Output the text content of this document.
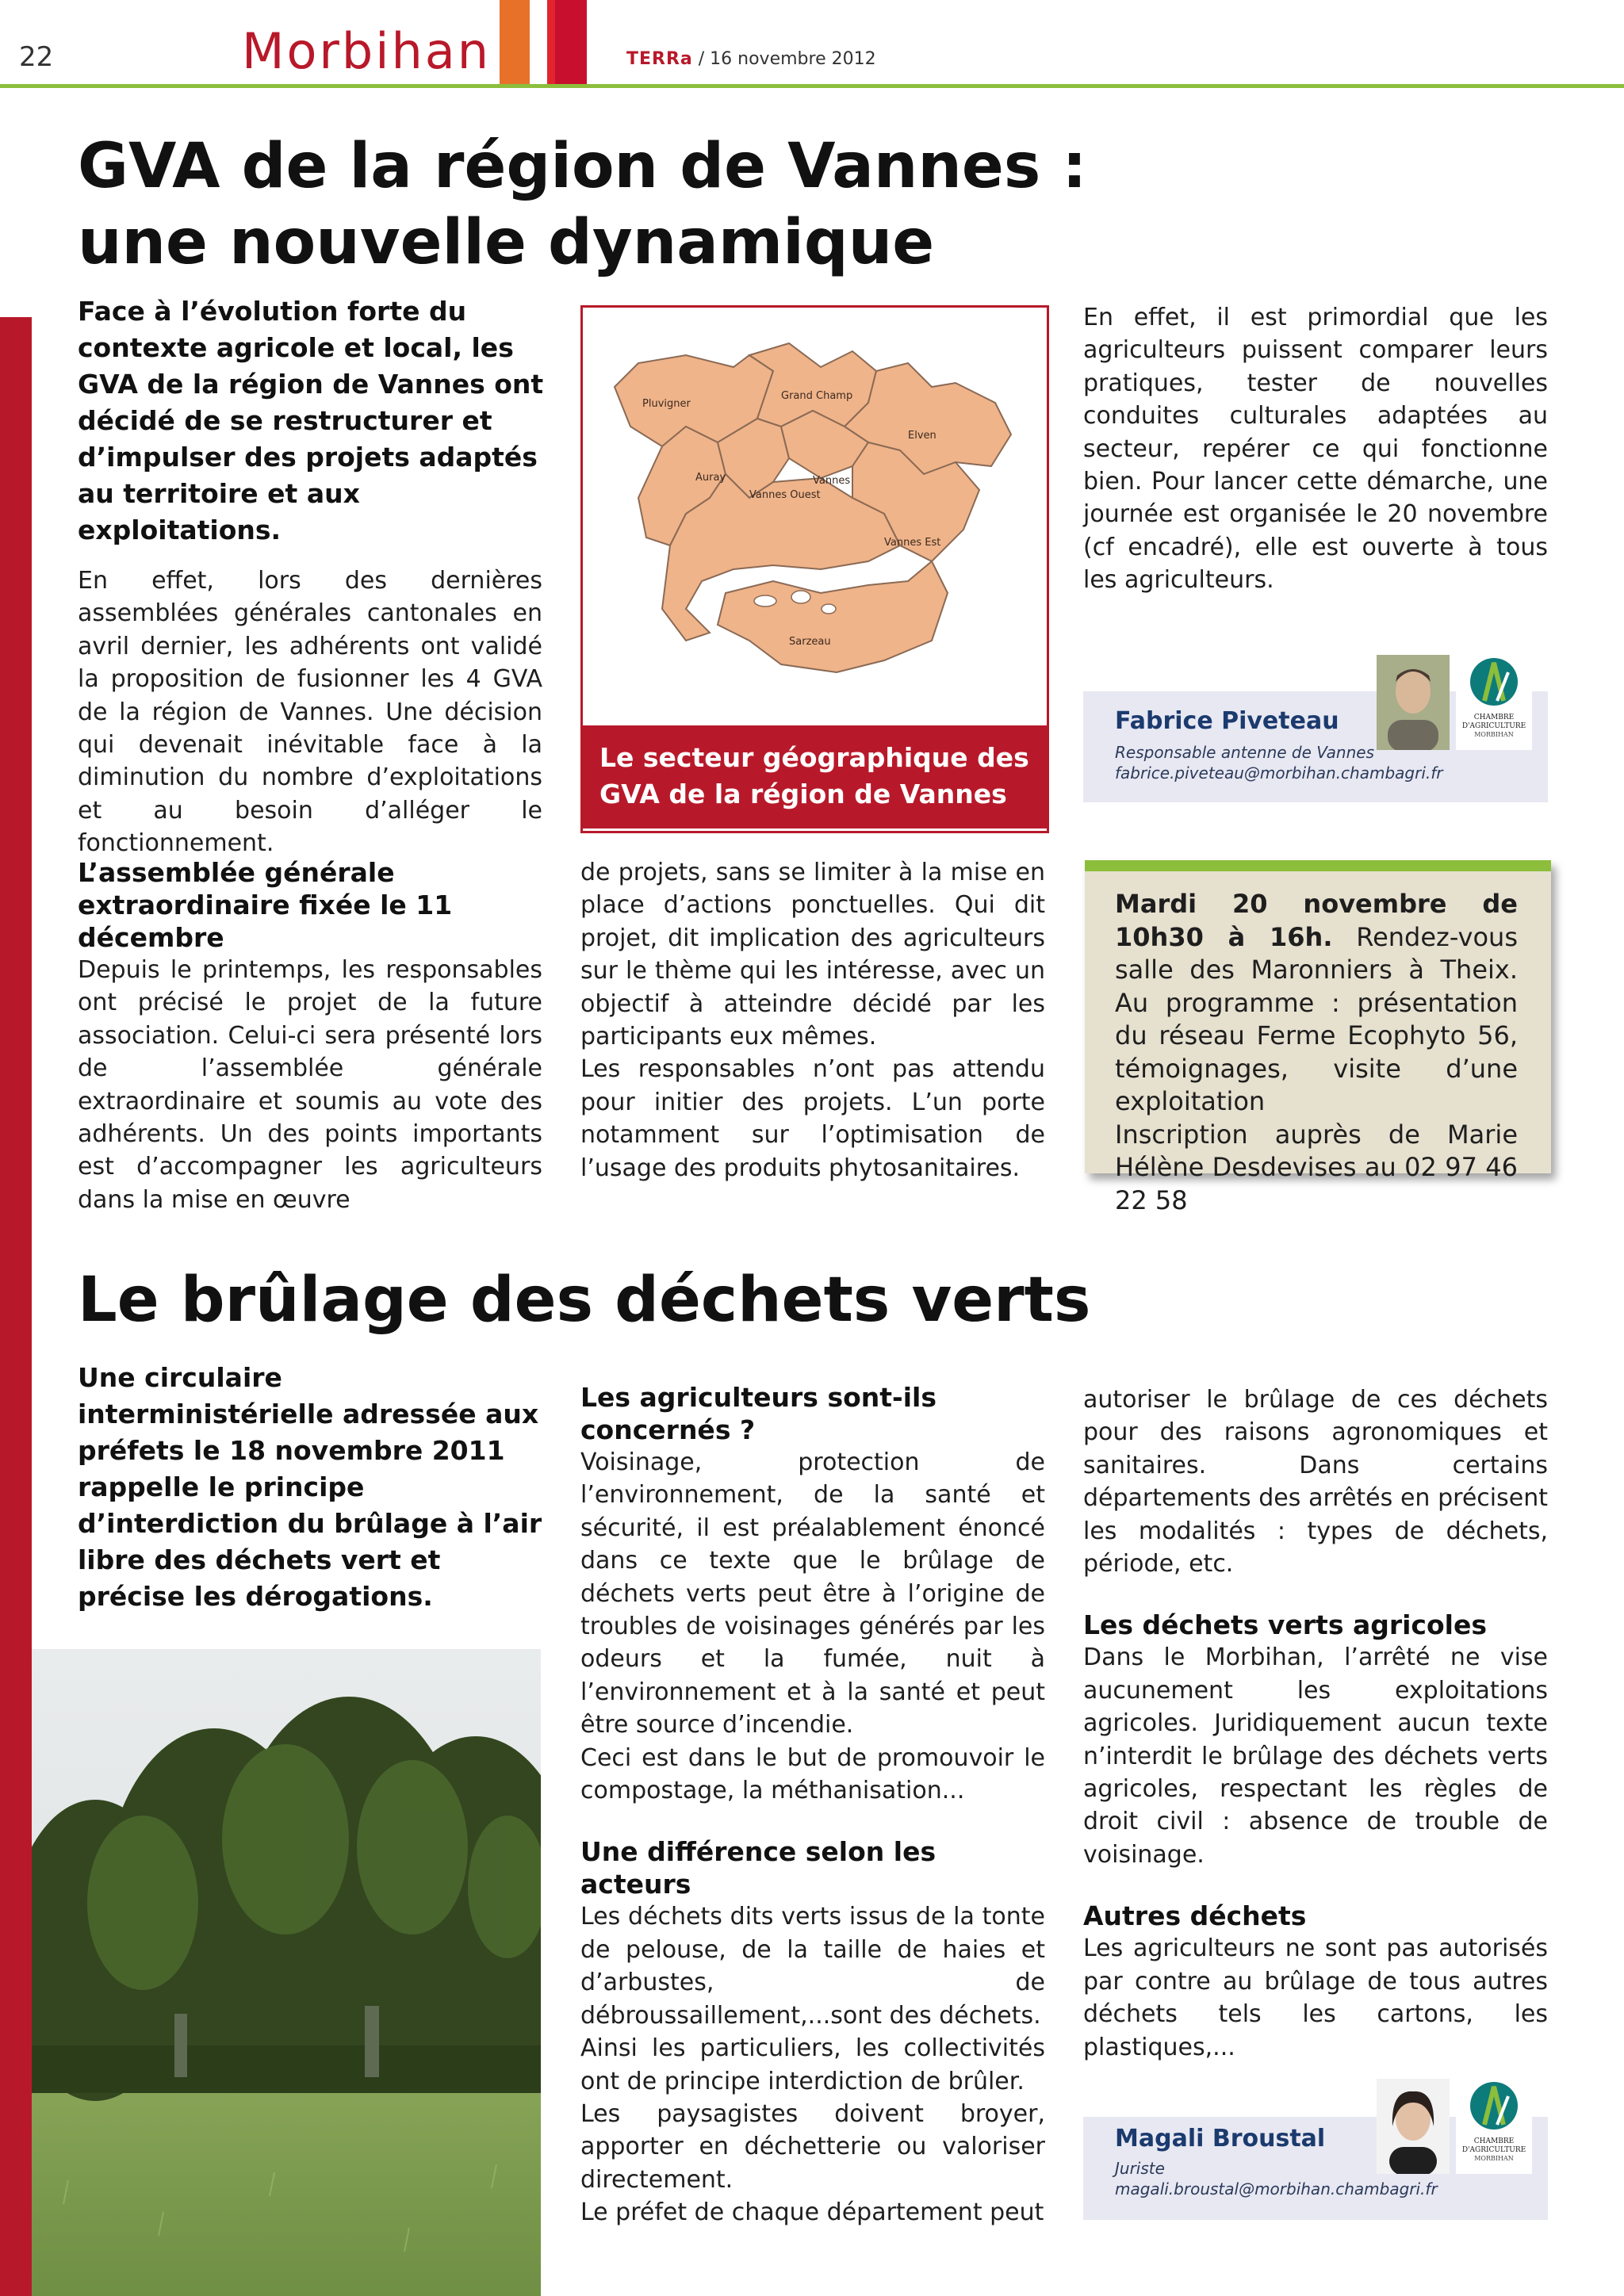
22	Morbihan	TERRa / 16 novembre 2012
GVA de la région de Vannes :
une nouvelle dynamique
Face à l’évolution forte du contexte agricole et local, les GVA de la région de Vannes ont décidé de se restructurer et d’impulser des projets adaptés au territoire et aux exploitations.
En effet, lors des dernières assemblées générales cantonales en avril dernier, les adhérents ont validé la proposition de fusionner les 4 GVA de la région de Vannes. Une décision qui devenait inévitable face à la diminution du nombre d’exploitations et au besoin d’alléger le fonctionnement.
L’assemblée générale extraordinaire fixée le 11 décembre
Depuis le printemps, les responsables ont précisé le projet de la future association. Celui-ci sera présenté lors de l’assemblée générale extraordinaire et soumis au vote des adhérents. Un des points importants est d’accompagner les agriculteurs dans la mise en œuvre
de projets, sans se limiter à la mise en place d’actions ponctuelles. Qui dit projet, dit implication des agriculteurs sur le thème qui les intéresse, avec un objectif à atteindre décidé par les participants eux mêmes.
Les responsables n’ont pas attendu pour initier des projets. L’un porte notamment sur l’optimisation de l’usage des produits phytosanitaires.
En effet, il est primordial que les agriculteurs puissent comparer leurs pratiques, tester de nouvelles conduites culturales adaptées au secteur, repérer ce qui fonctionne bien. Pour lancer cette démarche, une journée est organisée le 20 novembre (cf encadré), elle est ouverte à tous les agriculteurs.
Pluvigner
Grand Champ
Elven
Auray
Vannes Ouest
Vannes
Vannes Est
Sarzeau
Le secteur géographique des GVA de la région de Vannes
Fabrice Piveteau
Responsable antenne de Vannes
fabrice.piveteau@morbihan.chambagri.fr
CHAMBRE
D'AGRICULTURE
MORBIHAN
Mardi 20 novembre de 10h30 à 16h. Rendez-vous salle des Maronniers à Theix. Au programme : présentation du réseau Ferme Ecophyto 56, témoignages, visite d’une exploitation
Inscription auprès de Marie Hélène Desdevises au 02 97 46 22 58
Le brûlage des déchets verts
Une circulaire interministérielle adressée aux préfets le 18 novembre 2011 rappelle le principe d’interdiction du brûlage à l’air libre des déchets vert et précise les dérogations.
Les agriculteurs sont-ils concernés ?
Voisinage, protection de l’environnement, de la santé et sécurité, il est préalablement énoncé dans ce texte que le brûlage de déchets verts peut être à l’origine de troubles de voisinages générés par les odeurs et la fumée, nuit à l’environnement et à la santé et peut être source d’incendie.
Ceci est dans le but de promouvoir le compostage, la méthanisation...
Une différence selon les acteurs
Les déchets dits verts issus de la tonte de pelouse, de la taille de haies et d’arbustes, de débroussaillement,...sont des déchets.
Ainsi les particuliers, les collectivités ont de principe interdiction de brûler.
Les paysagistes doivent broyer, apporter en déchetterie ou valoriser directement.
Le préfet de chaque département peut
autoriser le brûlage de ces déchets pour des raisons agronomiques et sanitaires. Dans certains départements des arrêtés en précisent les modalités : types de déchets, période, etc.
Les déchets verts agricoles
Dans le Morbihan, l’arrêté ne vise aucunement les exploitations agricoles. Juridiquement aucun texte n’interdit le brûlage des déchets verts agricoles, respectant les règles de droit civil : absence de trouble de voisinage.
Autres déchets
Les agriculteurs ne sont pas autorisés par contre au brûlage de tous autres déchets tels les cartons, les plastiques,...
Magali Broustal
Juriste
magali.broustal@morbihan.chambagri.fr
CHAMBRE
D'AGRICULTURE
MORBIHAN
